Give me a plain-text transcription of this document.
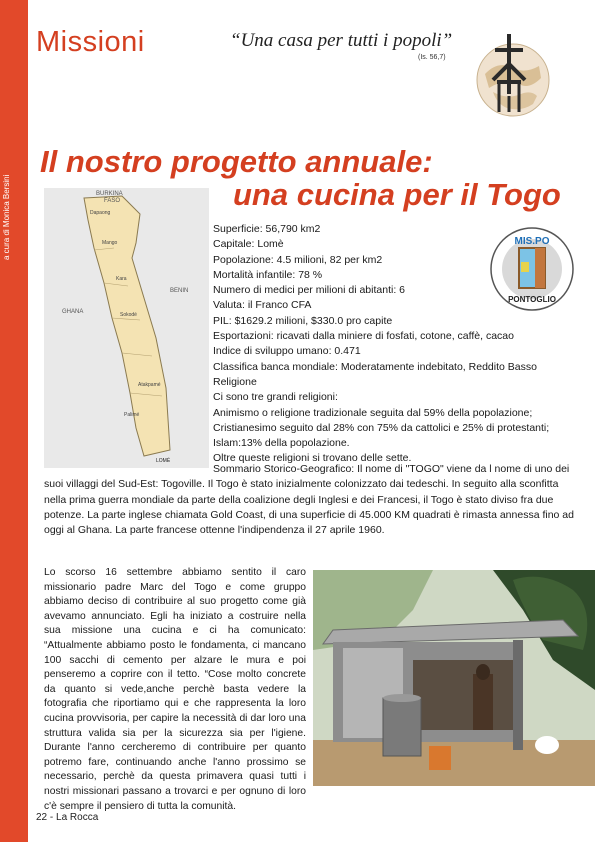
a cura di Monica Bersini
Missioni	“Una casa per tutti i popoli”
(Is. 56,7)
Il nostro progetto annuale:
una cucina per il Togo
BURKINA
FASO
BENIN
GHANA
Dapaong
Mango
Kara
Sokodé
Atakpamé
Palimé
LOMÉ
MIS.PO
PONTOGLIO
Superficie: 56,790 km2
Capitale: Lomè
Popolazione: 4.5 milioni, 82 per km2
Mortalità infantile: 78 %
Numero di medici per milioni di abitanti: 6
Valuta: il Franco CFA
PIL: $1629.2 milioni, $330.0 pro capite
Esportazioni: ricavati dalla miniere di fosfati, cotone, caffè, cacao
Indice di sviluppo umano: 0.471
Classifica banca mondiale: Moderatamente indebitato, Reddito Basso Religione
Ci sono tre grandi religioni:
Animismo o religione tradizionale seguita dal 59% della popolazione;
Cristianesimo seguito dal 28% con 75% da cattolici e 25% di protestanti;
Islam:13% della popolazione.
Oltre queste religioni si trovano delle sette.
Sommario Storico-Geografico: Il nome di "TOGO" viene da l nome di uno dei suoi villaggi del Sud-Est: Togoville. Il Togo è stato inizialmente colonizzato dai tedeschi. In seguito alla sconfitta nella prima guerra mondiale da parte della coalizione degli Inglesi e dei Francesi, il Togo è stato diviso fra due potenze. La parte inglese chiamata Gold Coast, di una superficie di 45.000 KM quadrati è rimasta annessa fino ad oggi al Ghana. La parte francese ottenne l'indipendenza il 27 aprile 1960.
Lo scorso 16 settembre abbiamo sentito il caro missionario padre Marc del Togo e come gruppo abbiamo deciso di contribuire al suo progetto come già avevamo annunciato. Egli ha iniziato a costruire nella sua missione una cucina e ci ha comunicato: “Attualmente abbiamo posto le fondamenta, ci mancano 100 sacchi di cemento per alzare le mura e poi penseremo a coprire con il tetto. “Cose molto concrete da quanto si vede,anche perchè basta vedere la fotografia che riportiamo qui e che rappresenta la loro cucina provvisoria, per capire la necessità di dar loro una struttura valida sia per la sicurezza sia per l'igiene. Durante l'anno cercheremo di contribuire per quanto potremo fare, continuando anche l'anno prossimo se necessario, perchè da questa primavera quasi tutti i nostri missionari passano a trovarci e per ognuno di loro c'è sempre il pensiero di tutta la comunità.
22 - La Rocca
